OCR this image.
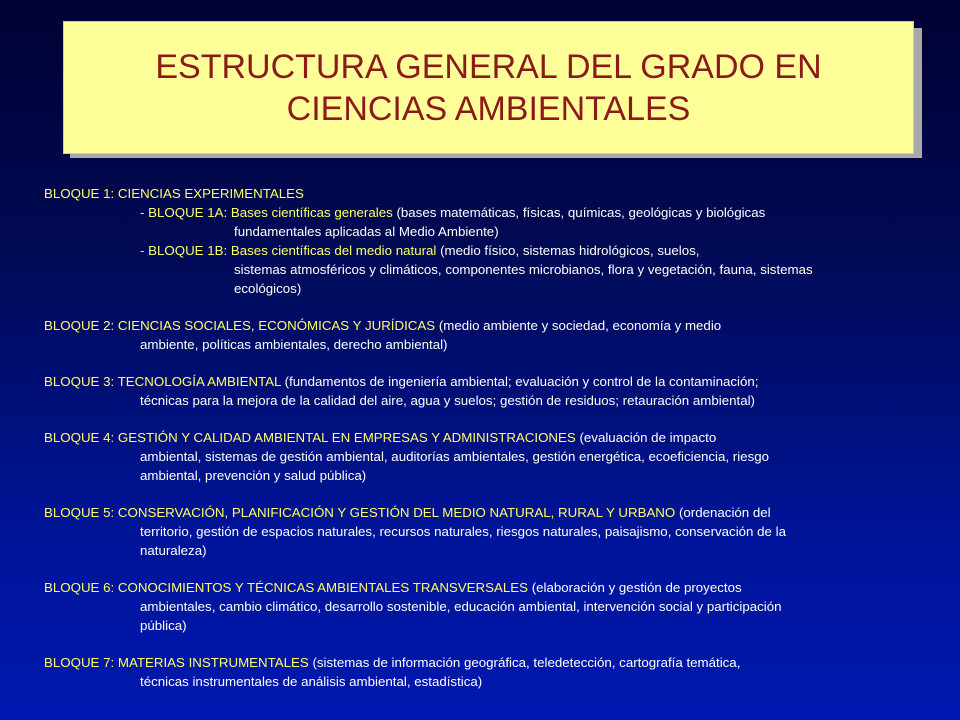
ESTRUCTURA GENERAL DEL GRADO EN
CIENCIAS AMBIENTALES
BLOQUE 1: CIENCIAS EXPERIMENTALES
- BLOQUE 1A: Bases científicas generales (bases matemáticas, físicas, químicas, geológicas y biológicas
fundamentales aplicadas al Medio Ambiente)
- BLOQUE 1B: Bases científicas del medio natural (medio físico, sistemas hidrológicos, suelos,
sistemas atmosféricos y climáticos, componentes microbianos, flora y vegetación, fauna, sistemas
ecológicos)
BLOQUE 2: CIENCIAS SOCIALES, ECONÓMICAS Y JURÍDICAS (medio ambiente y sociedad, economía y medio
ambiente, políticas ambientales, derecho ambiental)
BLOQUE 3: TECNOLOGÍA AMBIENTAL (fundamentos de ingeniería ambiental; evaluación y control de la contaminación;
técnicas para la mejora de la calidad del aire, agua y suelos; gestión de residuos; retauración ambiental)
BLOQUE 4: GESTIÓN Y CALIDAD AMBIENTAL EN EMPRESAS Y ADMINISTRACIONES (evaluación de impacto
ambiental, sistemas de gestión ambiental, auditorías ambientales, gestión energética, ecoeficiencia, riesgo
ambiental, prevención y salud pública)
BLOQUE 5: CONSERVACIÓN, PLANIFICACIÓN Y GESTIÓN DEL MEDIO NATURAL, RURAL Y URBANO (ordenación del
territorio, gestión de espacios naturales, recursos naturales, riesgos naturales, paisajismo, conservación de la
naturaleza)
BLOQUE 6: CONOCIMIENTOS Y TÉCNICAS AMBIENTALES TRANSVERSALES (elaboración y gestión de proyectos
ambientales, cambio climático, desarrollo sostenible, educación ambiental, intervención social y participación
pública)
BLOQUE 7: MATERIAS INSTRUMENTALES (sistemas de información geográfica, teledetección, cartografía temática,
técnicas instrumentales de análisis ambiental, estadística)
